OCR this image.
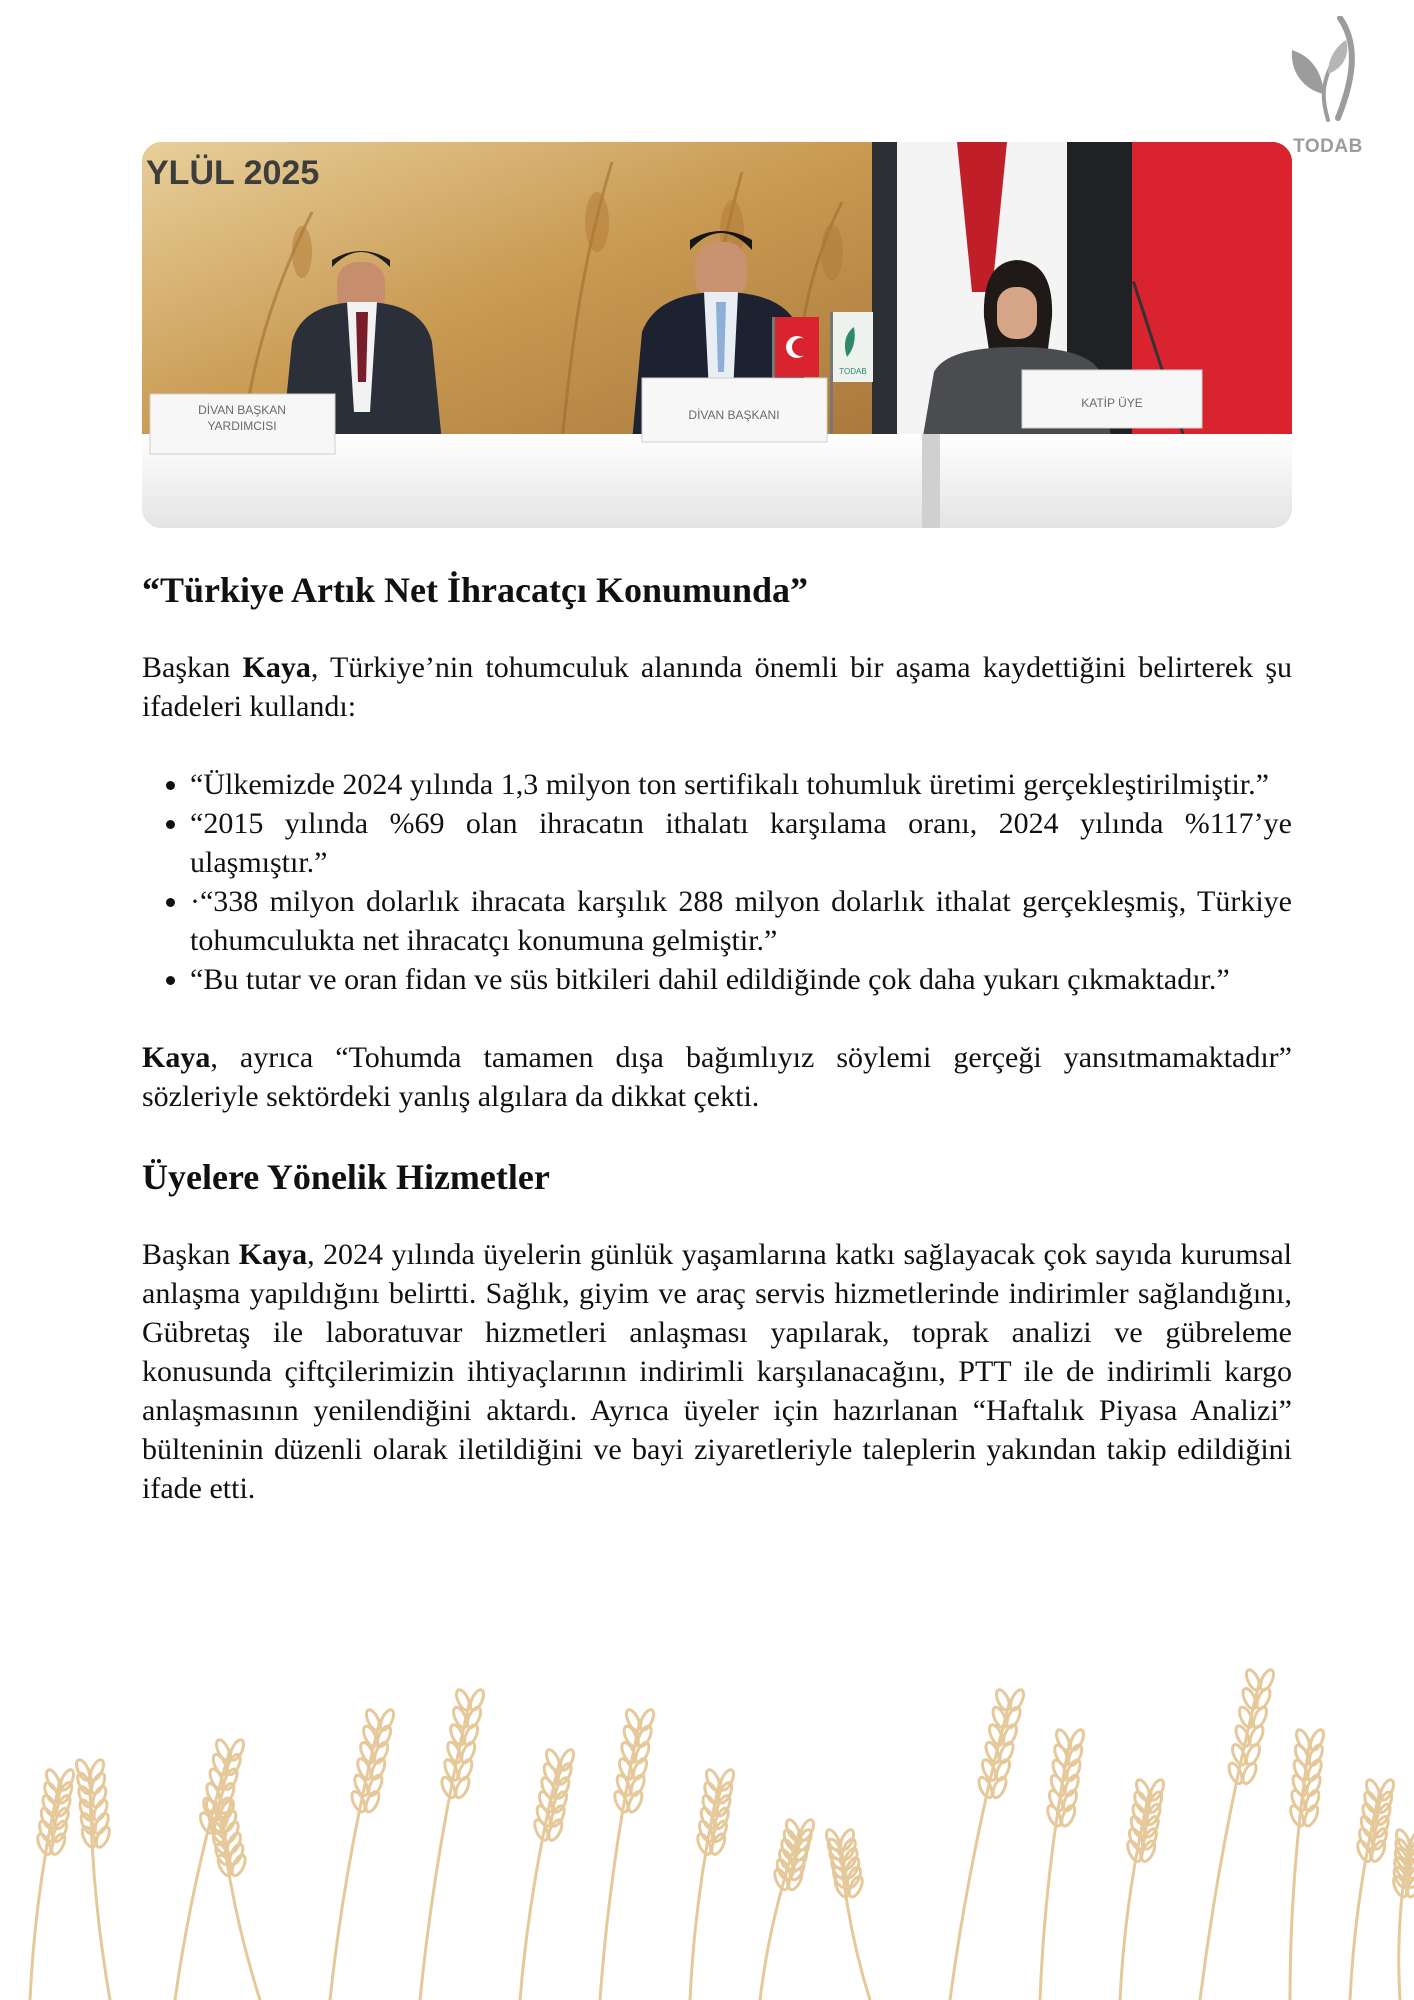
TODAB
YLÜL 2025
TODAB
DİVAN BAŞKAN YARDIMCISI
DİVAN BAŞKANI
KATİP ÜYE
“Türkiye Artık Net İhracatçı Konumunda”

Başkan Kaya, Türkiye’nin tohumculuk alanında önemli bir aşama kaydettiğini belirterek şu ifadeleri kullandı:

• “Ülkemizde 2024 yılında 1,3 milyon ton sertifikalı tohumluk üretimi gerçekleştirilmiştir.”
• “2015 yılında %69 olan ihracatın ithalatı karşılama oranı, 2024 yılında %117’ye ulaşmıştır.”
• ·“338 milyon dolarlık ihracata karşılık 288 milyon dolarlık ithalat gerçekleşmiş, Türkiye tohumculukta net ihracatçı konumuna gelmiştir.”
• “Bu tutar ve oran fidan ve süs bitkileri dahil edildiğinde çok daha yukarı çıkmaktadır.”

Kaya, ayrıca “Tohumda tamamen dışa bağımlıyız söylemi gerçeği yansıtmamaktadır” sözleriyle sektördeki yanlış algılara da dikkat çekti.

Üyelere Yönelik Hizmetler

Başkan Kaya, 2024 yılında üyelerin günlük yaşamlarına katkı sağlayacak çok sayıda kurumsal anlaşma yapıldığını belirtti. Sağlık, giyim ve araç servis hizmetlerinde indirimler sağlandığını, Gübretaş ile laboratuvar hizmetleri anlaşması yapılarak, toprak analizi ve gübreleme konusunda çiftçilerimizin ihtiyaçlarının indirimli karşılanacağını, PTT ile de indirimli kargo anlaşmasının yenilendiğini aktardı. Ayrıca üyeler için hazırlanan “Haftalık Piyasa Analizi” bülteninin düzenli olarak iletildiğini ve bayi ziyaretleriyle taleplerin yakından takip edildiğini ifade etti.
